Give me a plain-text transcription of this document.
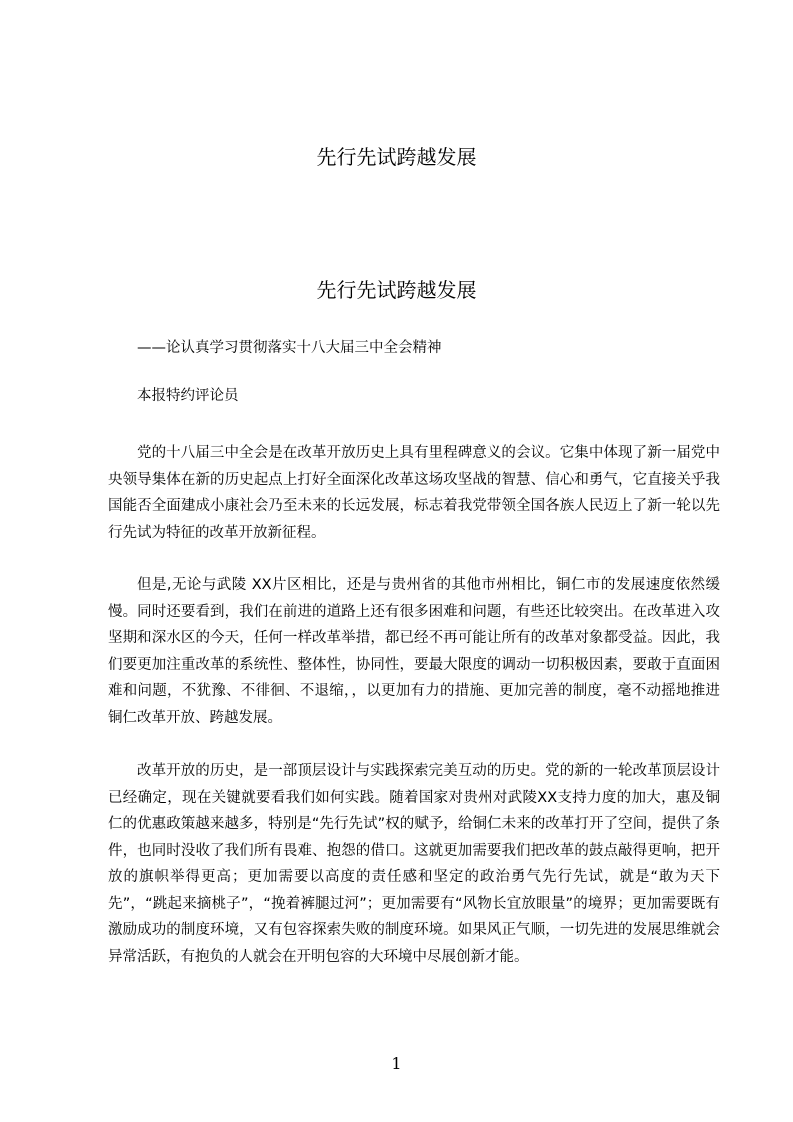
先行先试跨越发展
先行先试跨越发展
——论认真学习贯彻落实十八大届三中全会精神
本报特约评论员

党的十八届三中全会是在改革开放历史上具有里程碑意义的会议。它集中体现了新一届党中央领导集体在新的历史起点上打好全面深化改革这场攻坚战的智慧、信心和勇气，它直接关乎我国能否全面建成小康社会乃至未来的长远发展，标志着我党带领全国各族人民迈上了新一轮以先行先试为特征的改革开放新征程。

但是,无论与武陵 XX片区相比，还是与贵州省的其他市州相比，铜仁市的发展速度依然缓慢。同时还要看到，我们在前进的道路上还有很多困难和问题，有些还比较突出。在改革进入攻坚期和深水区的今天，任何一样改革举措，都已经不再可能让所有的改革对象都受益。因此，我们要更加注重改革的系统性、整体性，协同性，要最大限度的调动一切积极因素，要敢于直面困难和问题，不犹豫、不徘徊、不退缩，，以更加有力的措施、更加完善的制度，毫不动摇地推进铜仁改革开放、跨越发展。

改革开放的历史，是一部顶层设计与实践探索完美互动的历史。党的新的一轮改革顶层设计已经确定，现在关键就要看我们如何实践。随着国家对贵州对武陵XX支持力度的加大，惠及铜仁的优惠政策越来越多，特别是“先行先试”权的赋予，给铜仁未来的改革打开了空间，提供了条件，也同时没收了我们所有畏难、抱怨的借口。这就更加需要我们把改革的鼓点敲得更响，把开放的旗帜举得更高；更加需要以高度的责任感和坚定的政治勇气先行先试，就是“敢为天下先”，“跳起来摘桃子”，“挽着裤腿过河”；更加需要有“风物长宜放眼量”的境界；更加需要既有激励成功的制度环境，又有包容探索失败的制度环境。如果风正气顺，一切先进的发展思维就会异常活跃，有抱负的人就会在开明包容的大环境中尽展创新才能。

1
